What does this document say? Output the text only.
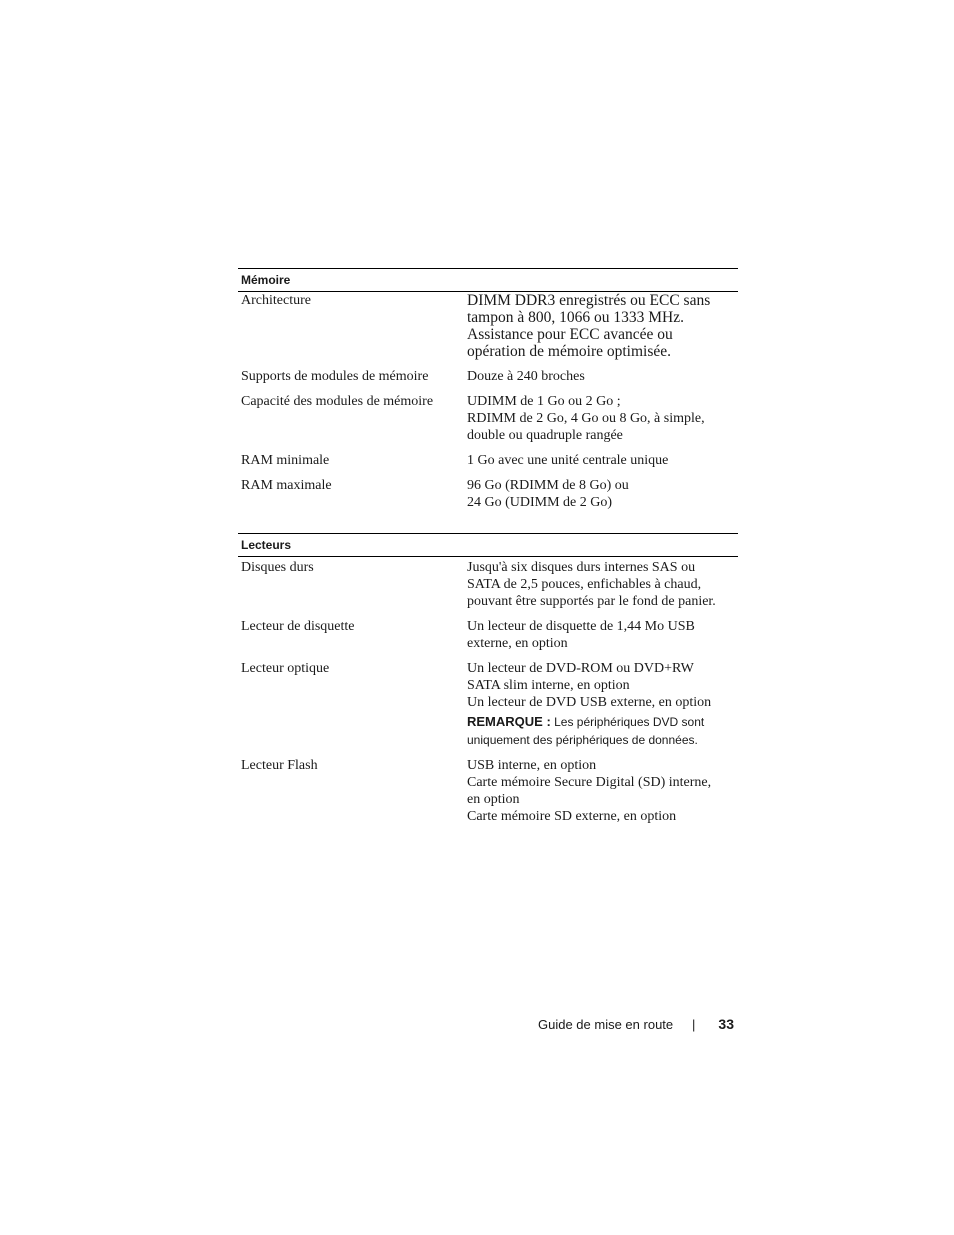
Mémoire
Architecture	DIMM DDR3 enregistrés ou ECC sans
tampon à 800, 1066 ou 1333 MHz.
Assistance pour ECC avancée ou
opération de mémoire optimisée.
Supports de modules de mémoire	Douze à 240 broches
Capacité des modules de mémoire	UDIMM de 1 Go ou 2 Go ;
RDIMM de 2 Go, 4 Go ou 8 Go, à simple,
double ou quadruple rangée
RAM minimale	1 Go avec une unité centrale unique
RAM maximale	96 Go (RDIMM de 8 Go) ou
24 Go (UDIMM de 2 Go)
Lecteurs
Disques durs	Jusqu'à six disques durs internes SAS ou
SATA de 2,5 pouces, enfichables à chaud,
pouvant être supportés par le fond de panier.
Lecteur de disquette	Un lecteur de disquette de 1,44 Mo USB
externe, en option
Lecteur optique	Un lecteur de DVD-ROM ou DVD+RW
SATA slim interne, en option
Un lecteur de DVD USB externe, en option
REMARQUE : Les périphériques DVD sont
uniquement des périphériques de données.
Lecteur Flash	USB interne, en option
Carte mémoire Secure Digital (SD) interne,
en option
Carte mémoire SD externe, en option
Guide de mise en route | 33
